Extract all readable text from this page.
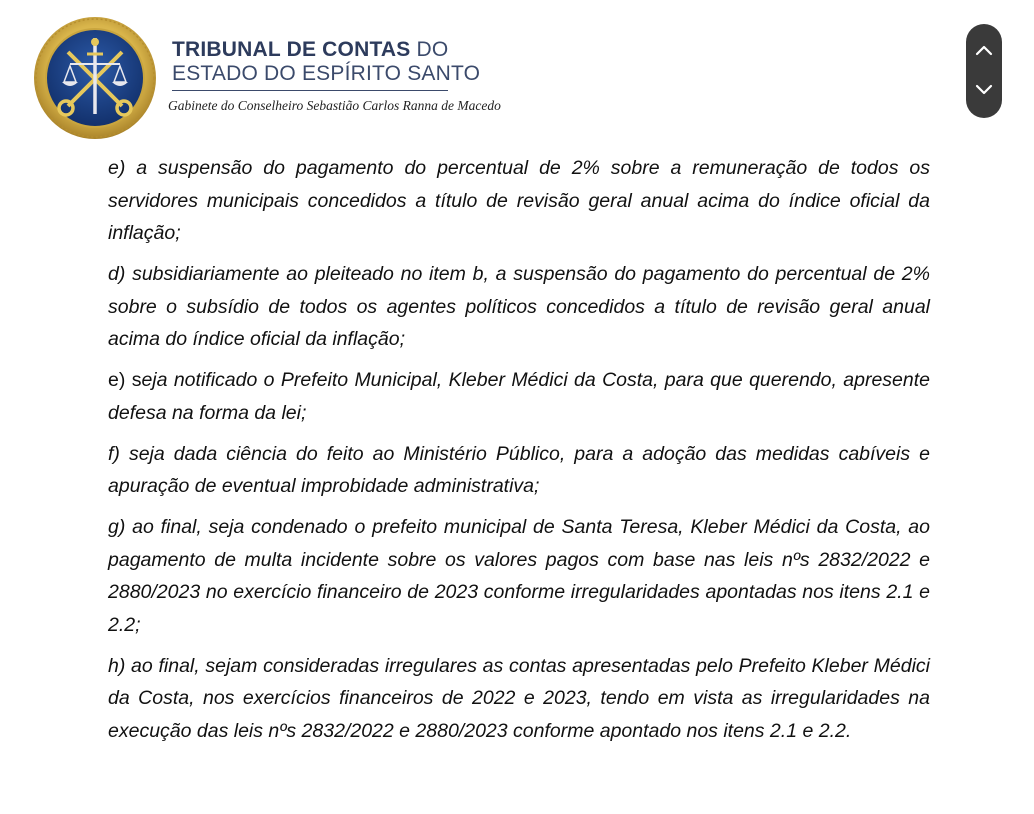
TRIBUNAL DE CONTAS DO
ESTADO DO ESPÍRITO SANTO
Gabinete do Conselheiro Sebastião Carlos Ranna de Macedo

e) a suspensão do pagamento do percentual de 2% sobre a remuneração de todos os servidores municipais concedidos a título de revisão geral anual acima do índice oficial da inflação;

d) subsidiariamente ao pleiteado no item b, a suspensão do pagamento do percentual de 2% sobre o subsídio de todos os agentes políticos concedidos a título de revisão geral anual acima do índice oficial da inflação;

e) seja notificado o Prefeito Municipal, Kleber Médici da Costa, para que querendo, apresente defesa na forma da lei;

f) seja dada ciência do feito ao Ministério Público, para a adoção das medidas cabíveis e apuração de eventual improbidade administrativa;

g) ao final, seja condenado o prefeito municipal de Santa Teresa, Kleber Médici da Costa, ao pagamento de multa incidente sobre os valores pagos com base nas leis nºs 2832/2022 e 2880/2023 no exercício financeiro de 2023 conforme irregularidades apontadas nos itens 2.1 e 2.2;

h) ao final, sejam consideradas irregulares as contas apresentadas pelo Prefeito Kleber Médici da Costa, nos exercícios financeiros de 2022 e 2023, tendo em vista as irregularidades na execução das leis nºs 2832/2022 e 2880/2023 conforme apontado nos itens 2.1 e 2.2.
